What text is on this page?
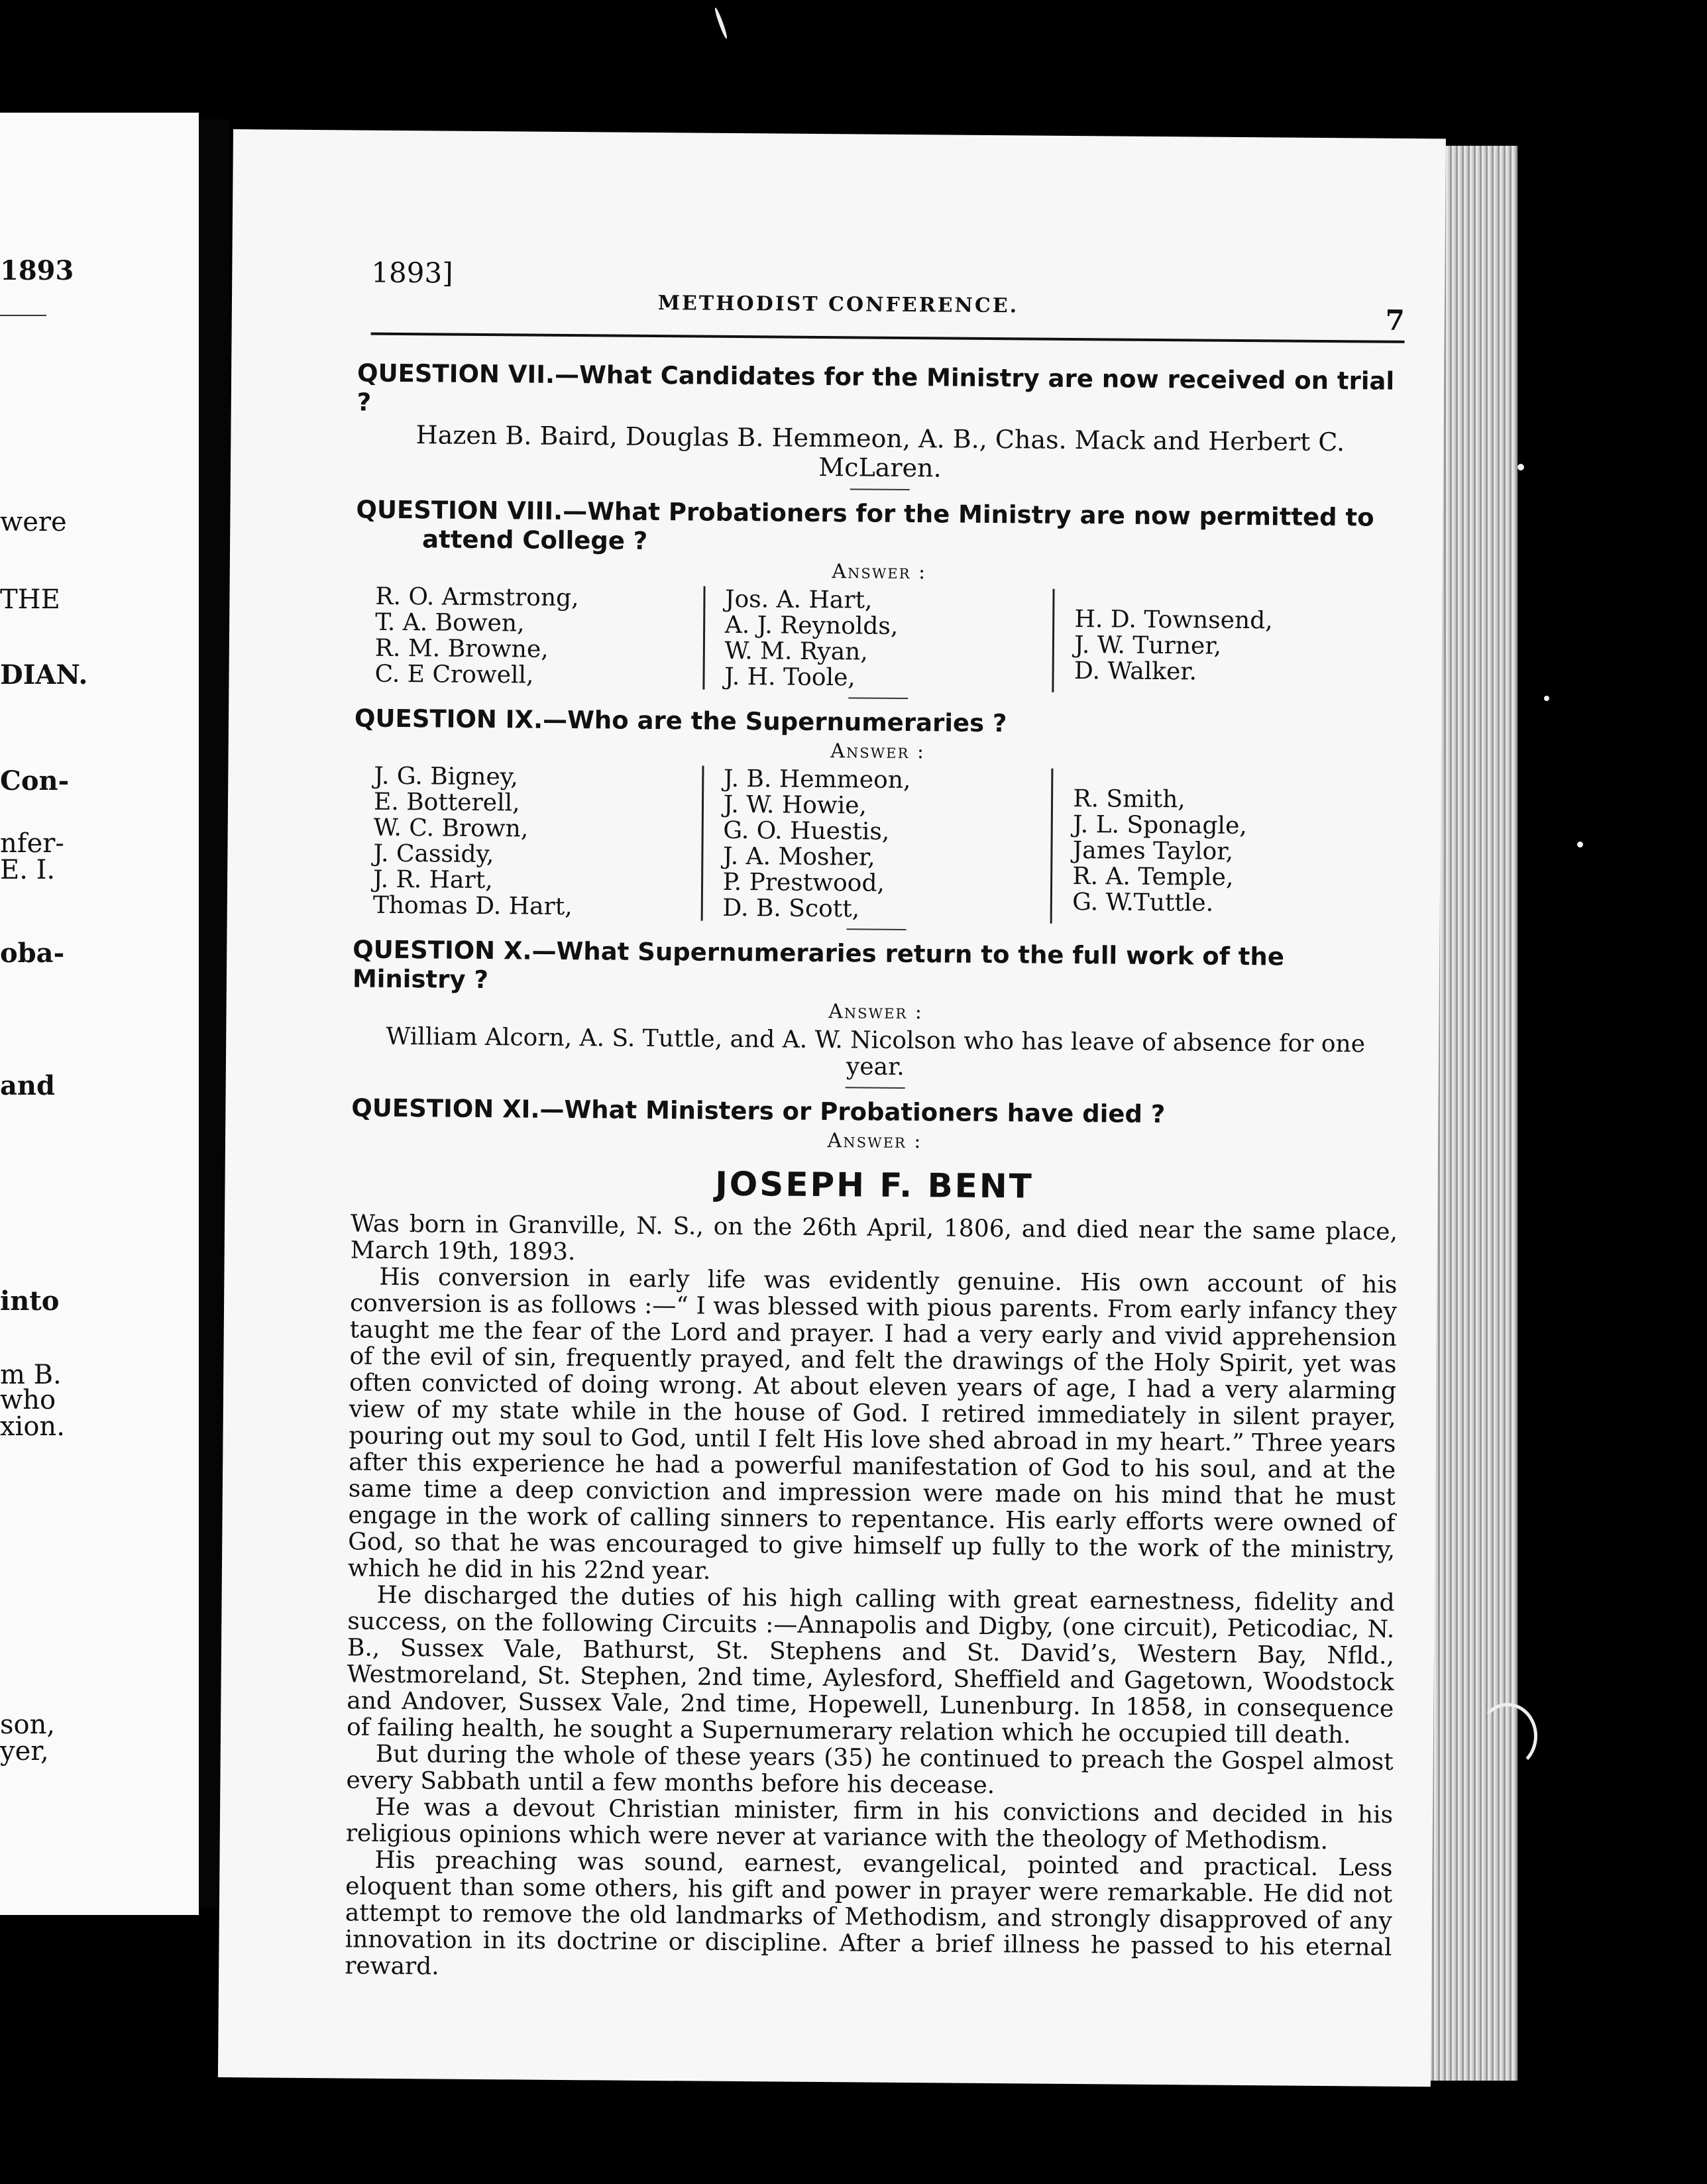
1893
were
THE
DIAN.
Con-
nfer-
E. I.
oba-
and
into
m B.
who
xion.
son,
yer,
1893]
METHODIST CONFERENCE.	7

QUESTION VII.—What Candidates for the Ministry are now received on trial ?

Hazen B. Baird, Douglas B. Hemmeon, A. B., Chas. Mack and Herbert C. McLaren.

QUESTION VIII.—What Probationers for the Ministry are now permitted to

attend College ?

Answer :
R. O. Armstrong,
T. A. Bowen,
R. M. Browne,
C. E Crowell,
Jos. A. Hart,
A. J. Reynolds,
W. M. Ryan,
J. H. Toole,
H. D. Townsend,
J. W. Turner,
D. Walker.

QUESTION IX.—Who are the Supernumeraries ?

Answer :
J. G. Bigney,
E. Botterell,
W. C. Brown,
J. Cassidy,
J. R. Hart,
Thomas D. Hart,
J. B. Hemmeon,
J. W. Howie,
G. O. Huestis,
J. A. Mosher,
P. Prestwood,
D. B. Scott,
R. Smith,
J. L. Sponagle,
James Taylor,
R. A. Temple,
G. W.Tuttle.

QUESTION X.—What Supernumeraries return to the full work of the Ministry ?

Answer :

William Alcorn, A. S. Tuttle, and A. W. Nicolson who has leave of absence for one

year.

QUESTION XI.—What Ministers or Probationers have died ?

Answer :
JOSEPH F. BENT

Was born in Granville, N. S., on the 26th April, 1806, and died near the same place, March 19th, 1893.

His conversion in early life was evidently genuine. His own account of his conversion is as follows :—“ I was blessed with pious parents. From early infancy they taught me the fear of the Lord and prayer. I had a very early and vivid apprehension of the evil of sin, frequently prayed, and felt the drawings of the Holy Spirit, yet was often convicted of doing wrong. At about eleven years of age, I had a very alarming view of my state while in the house of God. I retired immediately in silent prayer, pouring out my soul to God, until I felt His love shed abroad in my heart.” Three years after this experience he had a powerful manifestation of God to his soul, and at the same time a deep conviction and impression were made on his mind that he must engage in the work of calling sinners to repentance. His early efforts were owned of God, so that he was encouraged to give himself up fully to the work of the ministry, which he did in his 22nd year.

He discharged the duties of his high calling with great earnestness, fidelity and success, on the following Circuits :—Annapolis and Digby, (one circuit), Peticodiac, N. B., Sussex Vale, Bathurst, St. Stephens and St. David’s, Western Bay, Nfld., Westmoreland, St. Stephen, 2nd time, Aylesford, Sheffield and Gagetown, Woodstock and Andover, Sussex Vale, 2nd time, Hopewell, Lunenburg. In 1858, in consequence of failing health, he sought a Supernumerary relation which he occupied till death.

But during the whole of these years (35) he continued to preach the Gospel almost every Sabbath until a few months before his decease.

He was a devout Christian minister, firm in his convictions and decided in his religious opinions which were never at variance with the theology of Methodism.

His preaching was sound, earnest, evangelical, pointed and practical. Less eloquent than some others, his gift and power in prayer were remarkable. He did not attempt to remove the old landmarks of Methodism, and strongly disapproved of any innovation in its doctrine or discipline. After a brief illness he passed to his eternal reward.
